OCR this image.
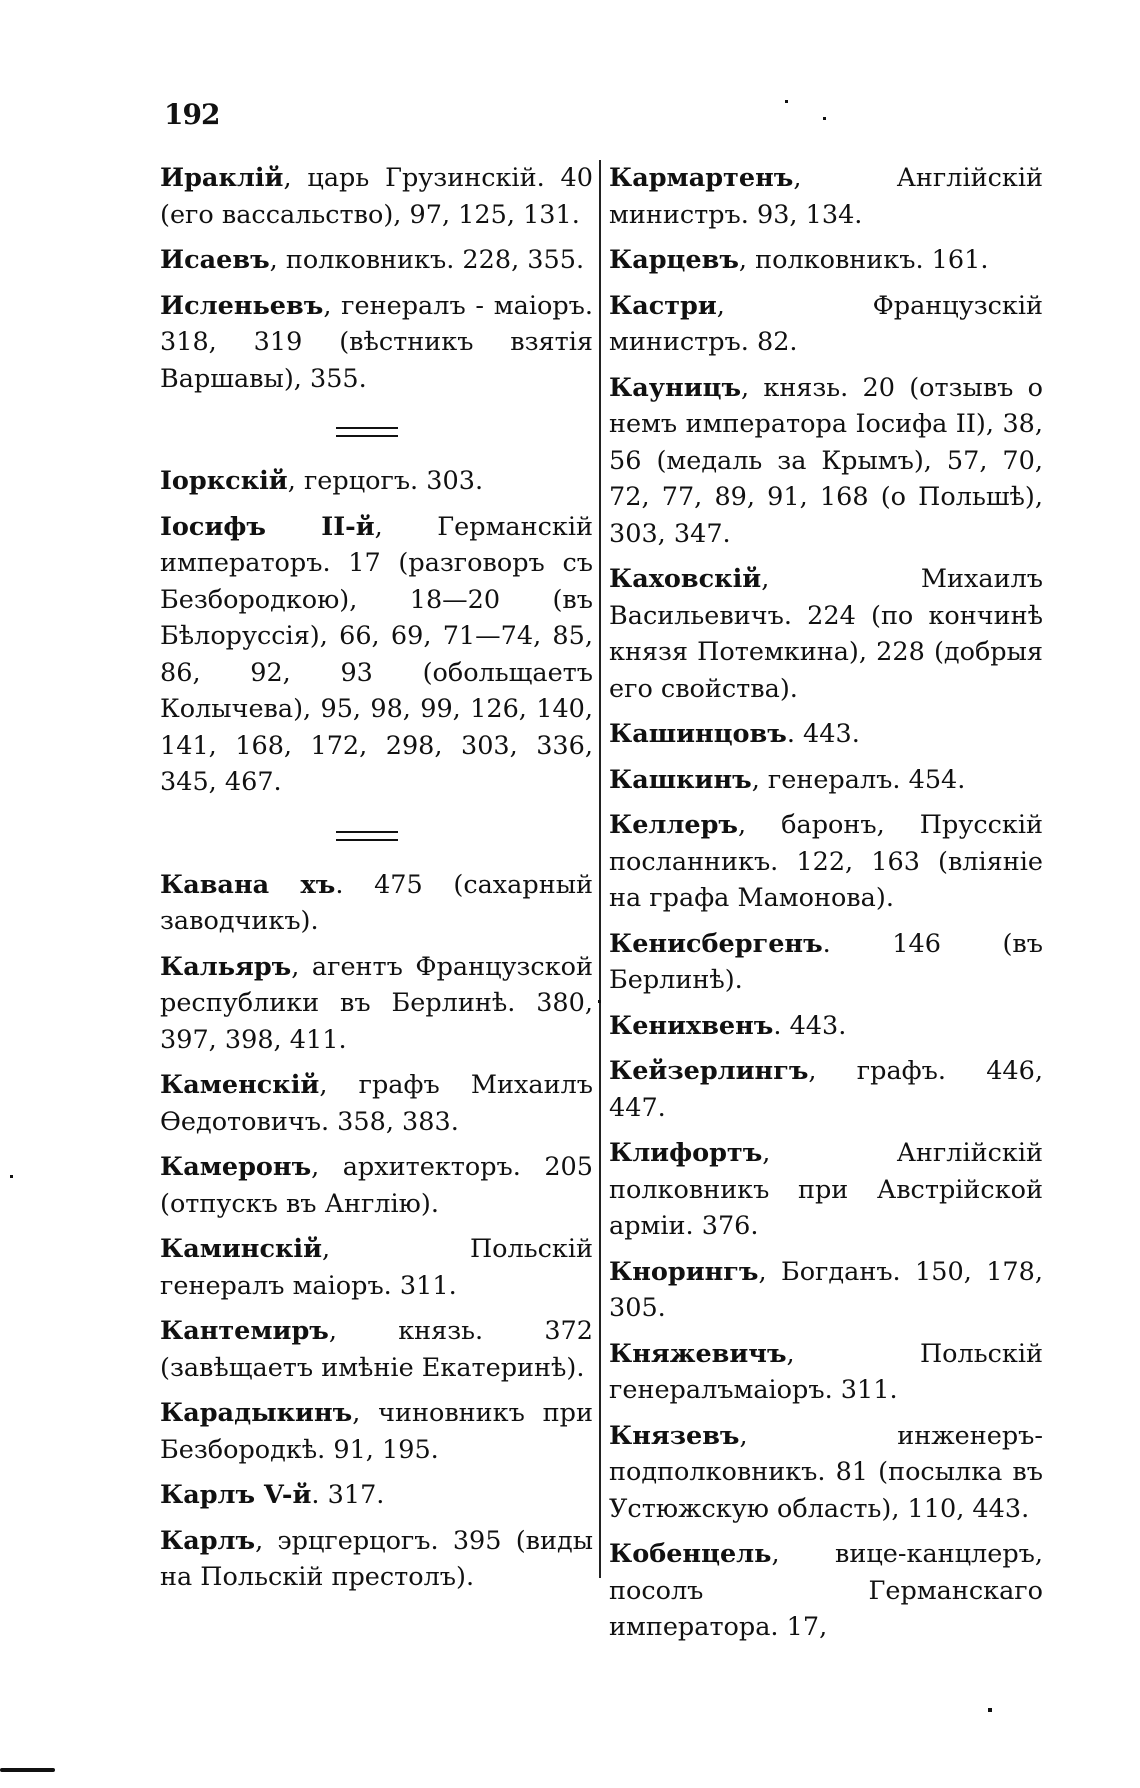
192

Ираклій, царь Грузинскій. 40 (его вассальство), 97, 125, 131.

Исаевъ, полковникъ. 228, 355.

Исленьевъ, генералъ - маіоръ. 318, 319 (вѣстникъ взятія Варшавы), 355.

Іоркскій, герцогъ. 303.

Іосифъ II-й, Германскій императоръ. 17 (разговоръ съ Безбородкою), 18—20 (въ Бѣлоруссія), 66, 69, 71—74, 85, 86, 92, 93 (обольщаетъ Колычева), 95, 98, 99, 126, 140, 141, 168, 172, 298, 303, 336, 345, 467.

Кавана хъ. 475 (сахарный заводчикъ).

Кальяръ, агентъ Французской республики въ Берлинѣ. 380, 397, 398, 411.

Каменскій, графъ Михаилъ Ѳедотовичъ. 358, 383.

Камеронъ, архитекторъ. 205 (отпускъ въ Англію).

Каминскій, Польскій генералъ маіоръ. 311.

Кантемиръ, князь. 372 (завѣщаетъ имѣніе Екатеринѣ).

Карадыкинъ, чиновникъ при Безбородкѣ. 91, 195.

Карлъ V-й. 317.

Карлъ, эрцгерцогъ. 395 (виды на Польскій престолъ).

Кармартенъ, Англійскій министръ. 93, 134.

Карцевъ, полковникъ. 161.

Кастри, Французскій министръ. 82.

Кауницъ, князь. 20 (отзывъ о немъ императора Іосифа II), 38, 56 (медаль за Крымъ), 57, 70, 72, 77, 89, 91, 168 (о Польшѣ), 303, 347.

Каховскій, Михаилъ Васильевичъ. 224 (по кончинѣ князя Потемкина), 228 (добрыя его свойства).

Кашинцовъ. 443.

Кашкинъ, генералъ. 454.

Келлеръ, баронъ, Прусскій посланникъ. 122, 163 (вліяніе на графа Мамонова).

Кенисбергенъ. 146 (въ Берлинѣ).

Кенихвенъ. 443.

Кейзерлингъ, графъ. 446, 447.

Клифортъ, Англійскій полковникъ при Австрійской арміи. 376.

Кнорингъ, Богданъ. 150, 178, 305.

Княжевичъ, Польскій генералъмаіоръ. 311.

Князевъ, инженеръ-подполковникъ. 81 (посылка въ Устюжскую область), 110, 443.

Кобенцель, вице-канцлеръ, посолъ Германскаго императора. 17,
